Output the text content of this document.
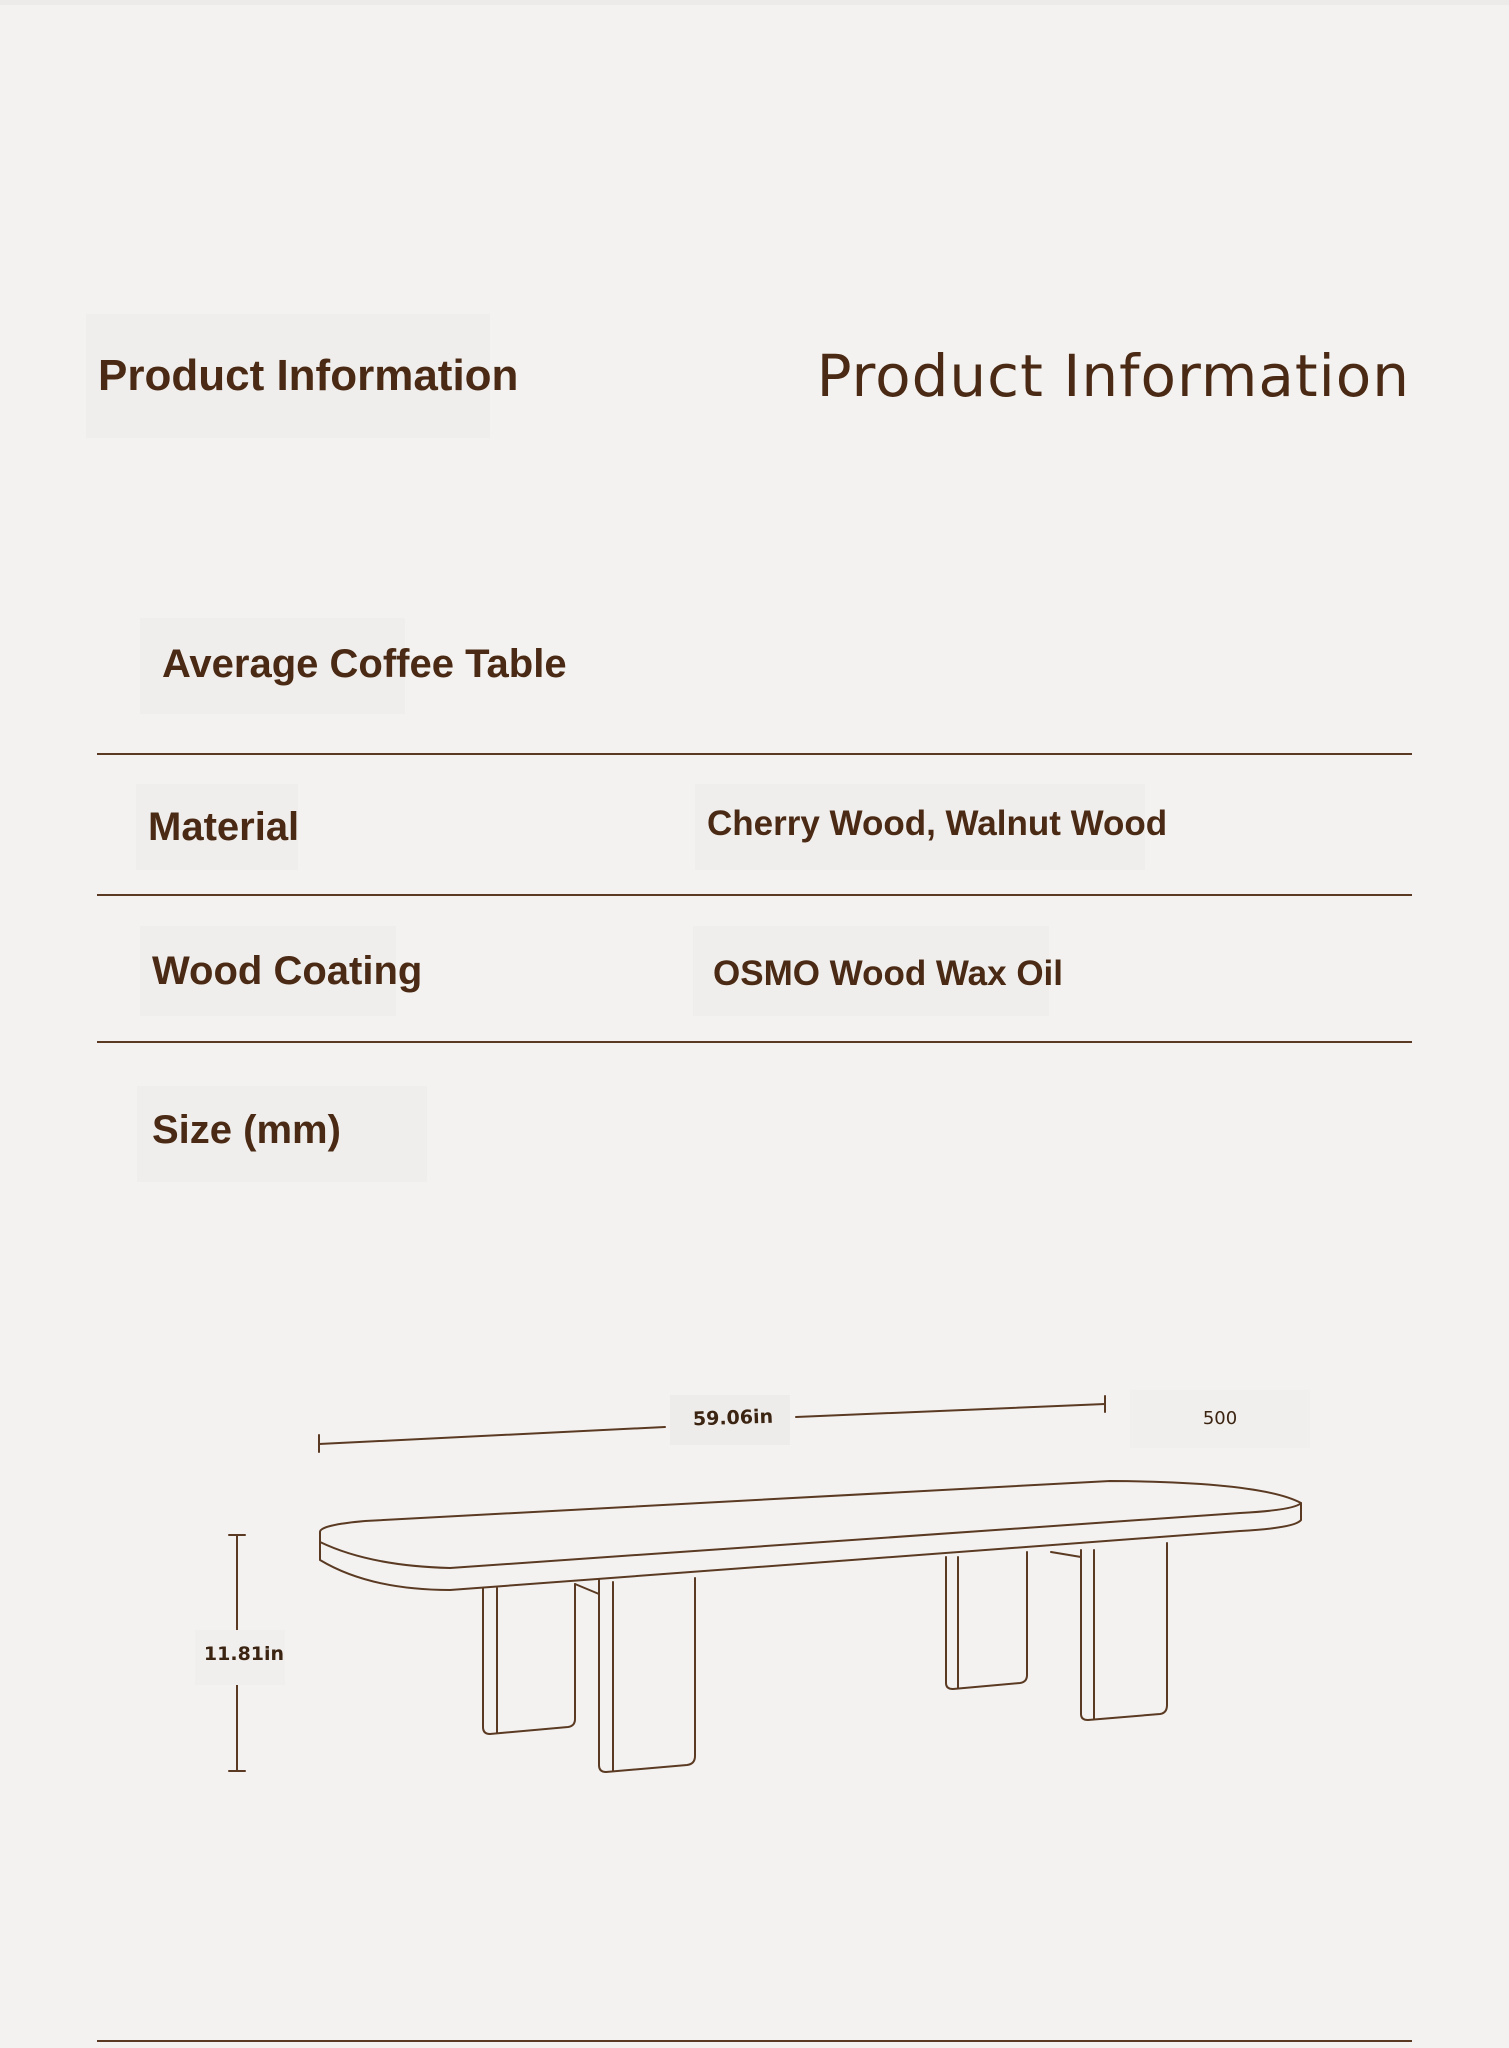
Product Information	Product Information
Average Coffee Table
Material	Cherry Wood, Walnut Wood
Wood Coating	OSMO Wood Wax Oil
Size (mm)
59.06in	500
11.81in
